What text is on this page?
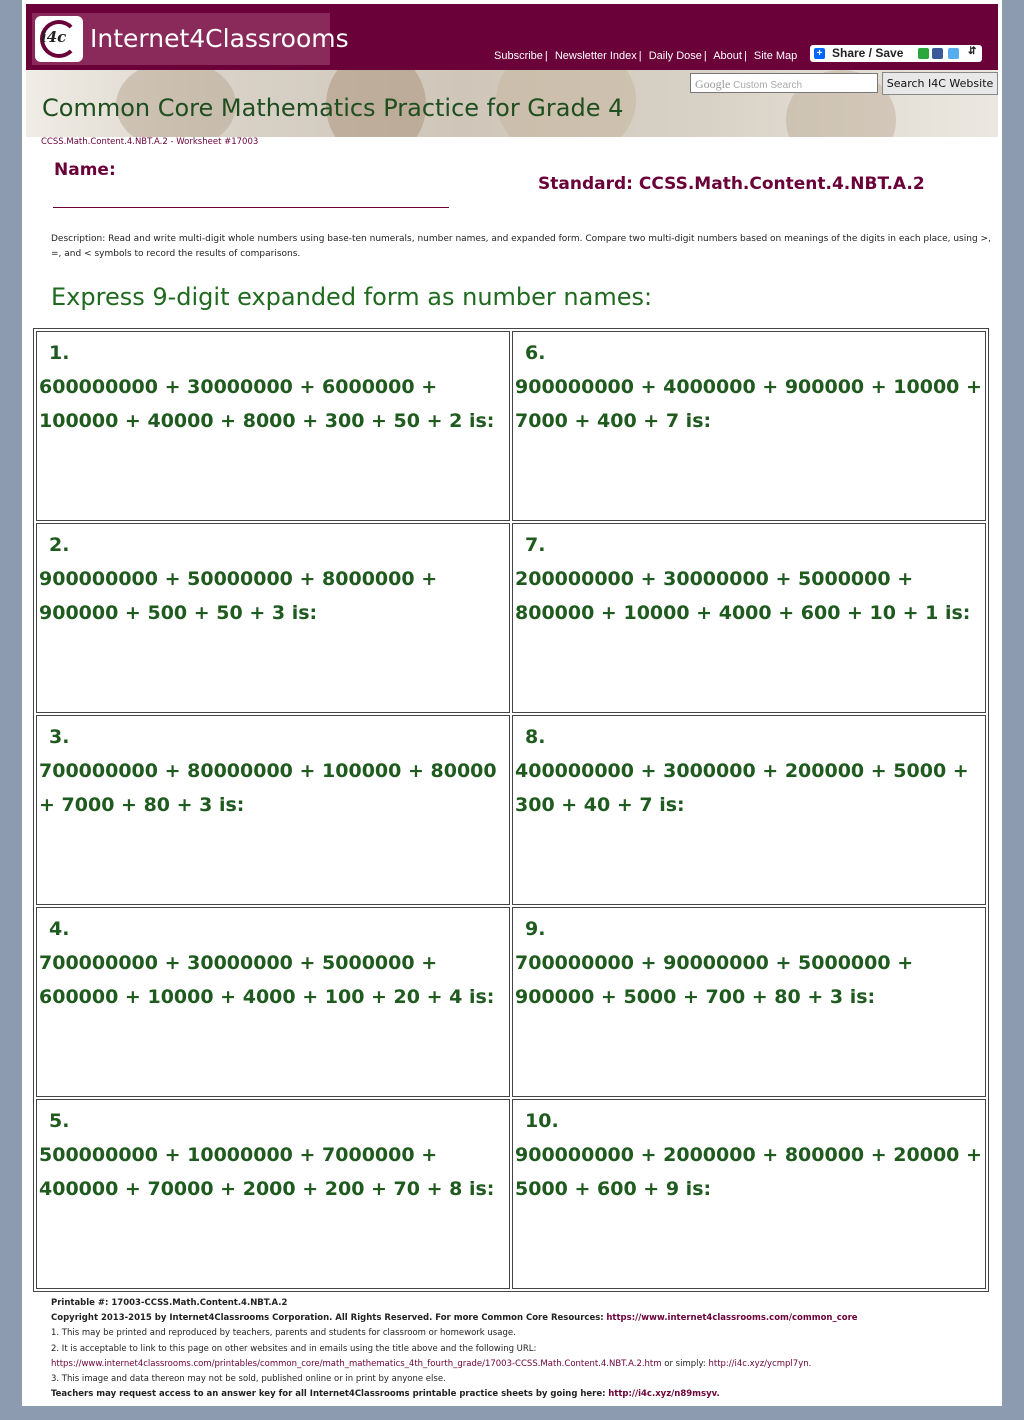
i4c Internet4Classrooms
Subscribe | Newsletter Index | Daily Dose | About | Site Map + Share / Save	⇵
Google Custom Search	Search I4C Website
Common Core Mathematics Practice for Grade 4
CCSS.Math.Content.4.NBT.A.2 - Worksheet #17003
Name:
Standard: CCSS.Math.Content.4.NBT.A.2
Description: Read and write multi-digit whole numbers using base-ten numerals, number names, and expanded form. Compare two multi-digit numbers based on meanings of the digits in each place, using >, =, and < symbols to record the results of comparisons.
Express 9-digit expanded form as number names:
1.
600000000 + 30000000 + 6000000 + 100000 + 40000 + 8000 + 300 + 50 + 2 is:
2.
900000000 + 50000000 + 8000000 + 900000 + 500 + 50 + 3 is:
3.
700000000 + 80000000 + 100000 + 80000 + 7000 + 80 + 3 is:
4.
700000000 + 30000000 + 5000000 + 600000 + 10000 + 4000 + 100 + 20 + 4 is:
5.
500000000 + 10000000 + 7000000 + 400000 + 70000 + 2000 + 200 + 70 + 8 is:
6.
900000000 + 4000000 + 900000 + 10000 + 7000 + 400 + 7 is:
7.
200000000 + 30000000 + 5000000 + 800000 + 10000 + 4000 + 600 + 10 + 1 is:
8.
400000000 + 3000000 + 200000 + 5000 + 300 + 40 + 7 is:
9.
700000000 + 90000000 + 5000000 + 900000 + 5000 + 700 + 80 + 3 is:
10.
900000000 + 2000000 + 800000 + 20000 + 5000 + 600 + 9 is:
Printable #: 17003-CCSS.Math.Content.4.NBT.A.2
Copyright 2013-2015 by Internet4Classrooms Corporation. All Rights Reserved. For more Common Core Resources: https://www.internet4classrooms.com/common_core
1. This may be printed and reproduced by teachers, parents and students for classroom or homework usage.
2. It is acceptable to link to this page on other websites and in emails using the title above and the following URL:
https://www.internet4classrooms.com/printables/common_core/math_mathematics_4th_fourth_grade/17003-CCSS.Math.Content.4.NBT.A.2.htm or simply: http://i4c.xyz/ycmpl7yn.
3. This image and data thereon may not be sold, published online or in print by anyone else.
Teachers may request access to an answer key for all Internet4Classrooms printable practice sheets by going here: http://i4c.xyz/n89msyv.
